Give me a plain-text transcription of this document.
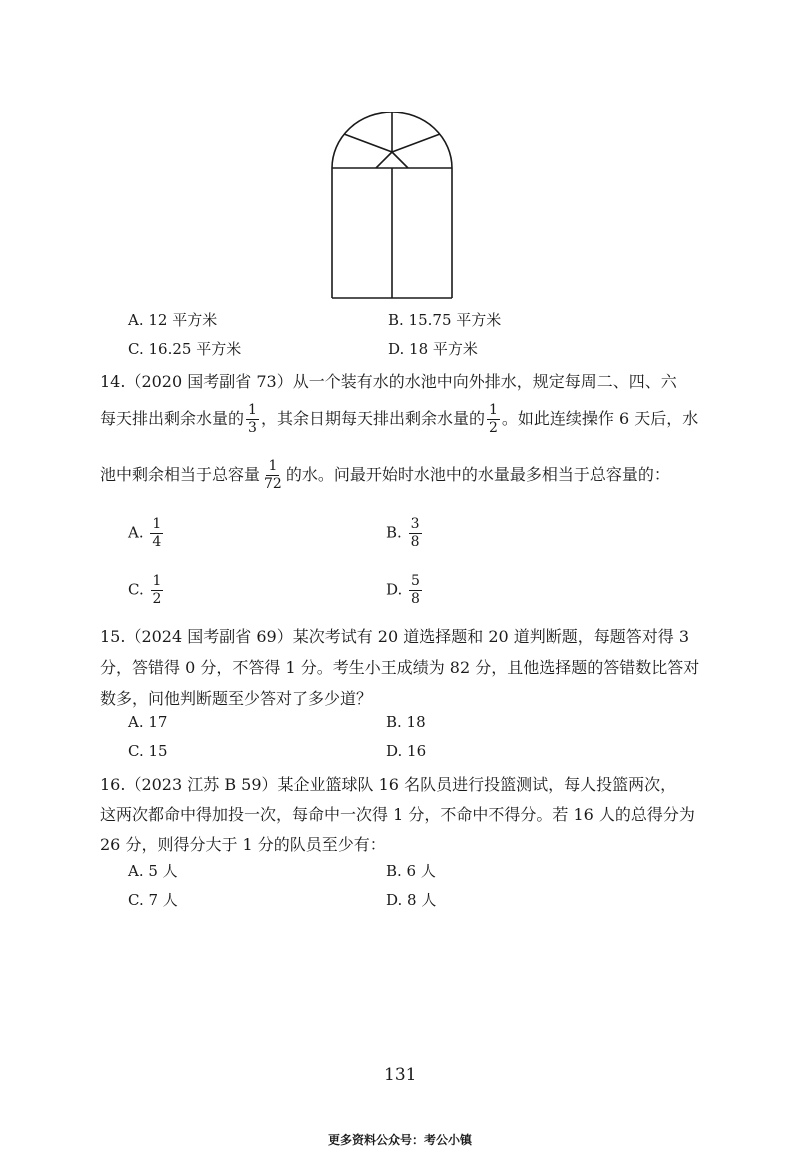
A. 12 平方米	B. 15.75 平方米
C. 16.25 平方米	D. 18 平方米
14.（2020 国考副省 73）从一个装有水的水池中向外排水，规定每周二、四、六
每天排出剩余水量的 $\frac{1}{3}$ ，其余日期每天排出剩余水量的 $\frac{1}{2}$ 。如此连续操作 6 天后，水
池中剩余相当于总容量 $\frac{1}{72}$ 的水。问最开始时水池中的水量最多相当于总容量的：
A. $\frac{1}{4}$	B. $\frac{3}{8}$
C. $\frac{1}{2}$	D. $\frac{5}{8}$
15.（2024 国考副省 69）某次考试有 20 道选择题和 20 道判断题，每题答对得 3
分，答错得 0 分，不答得 1 分。考生小王成绩为 82 分，且他选择题的答错数比答对
数多，问他判断题至少答对了多少道？
A. 17	B. 18
C. 15	D. 16
16.（2023 江苏 B 59）某企业篮球队 16 名队员进行投篮测试，每人投篮两次，
这两次都命中得加投一次，每命中一次得 1 分，不命中不得分。若 16 人的总得分为
26 分，则得分大于 1 分的队员至少有：
A. 5 人	B. 6 人
C. 7 人	D. 8 人
131
更多资料公众号：考公小镇
